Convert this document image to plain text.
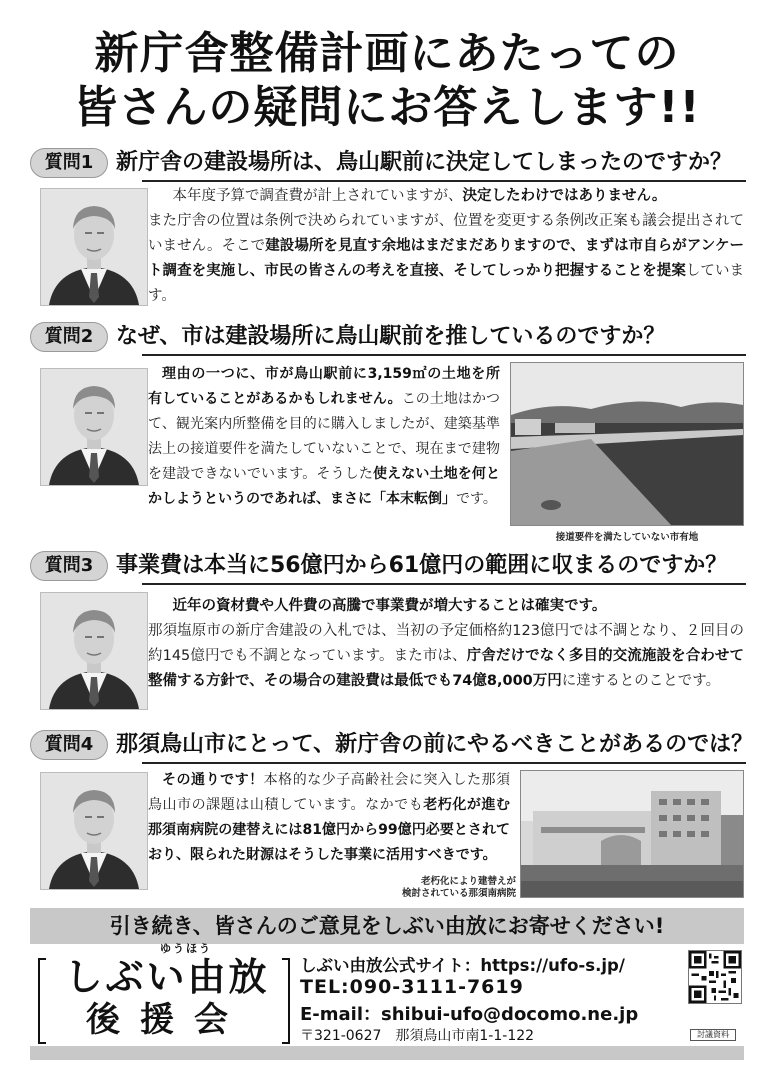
新庁舎整備計画にあたっての
皆さんの疑問にお答えします!!
質問1	新庁舎の建設場所は、鳥山駅前に決定してしまったのですか？
本年度予算で調査費が計上されていますが、決定したわけではありません。
また庁舎の位置は条例で決められていますが、位置を変更する条例改正案も議会提出されていません。そこで建設場所を見直す余地はまだまだありますので、まずは市自らがアンケート調査を実施し、市民の皆さんの考えを直接、そしてしっかり把握することを提案しています。
質問2	なぜ、市は建設場所に鳥山駅前を推しているのですか？
理由の一つに、市が鳥山駅前に3,159㎡の土地を所有していることがあるかもしれません。この土地はかつて、観光案内所整備を目的に購入しましたが、建築基準法上の接道要件を満たしていないことで、現在まで建物を建設できないでいます。そうした使えない土地を何とかしようというのであれば、まさに「本末転倒」です。
接道要件を満たしていない市有地
質問3	事業費は本当に56億円から61億円の範囲に収まるのですか？
近年の資材費や人件費の高騰で事業費が増大することは確実です。
那須塩原市の新庁舎建設の入札では、当初の予定価格約123億円では不調となり、２回目の約145億円でも不調となっています。また市は、庁舎だけでなく多目的交流施設を合わせて整備する方針で、その場合の建設費は最低でも74億8,000万円に達するとのことです。
質問4	那須鳥山市にとって、新庁舎の前にやるべきことがあるのでは？
その通りです！本格的な少子高齢社会に突入した那須鳥山市の課題は山積しています。なかでも老朽化が進む那須南病院の建替えには81億円から99億円必要とされており、限られた財源はそうした事業に活用すべきです。
老朽化により建替えが
検討されている那須南病院
引き続き、皆さんのご意見をしぶい由放にお寄せください!
ゆうほう
しぶい由放
後援会
しぶい由放公式サイト：https://ufo-s.jp/
TEL:090-3111-7619
E-mail：shibui-ufo@docomo.ne.jp
〒321-0627　那須鳥山市南1-1-122	討議資料
